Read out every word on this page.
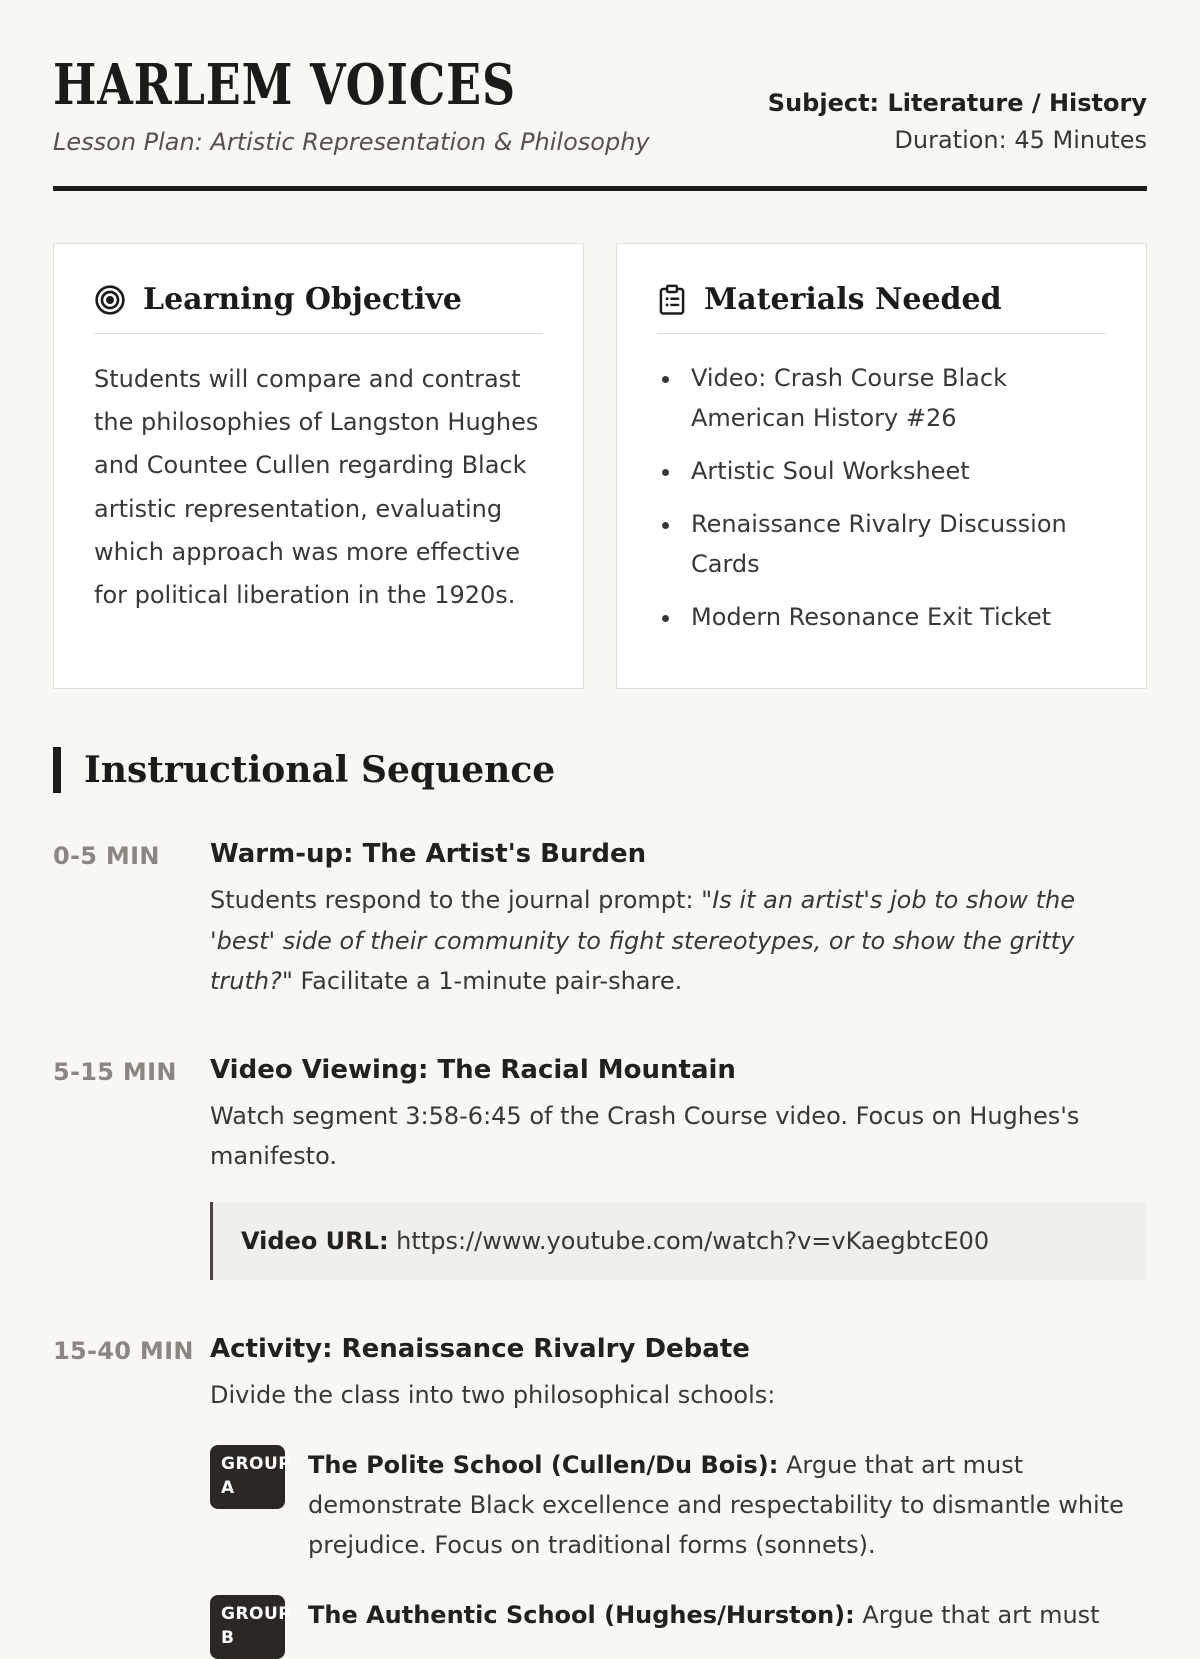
HARLEM VOICES
Lesson Plan: Artistic Representation & Philosophy
Subject: Literature / History
Duration: 45 Minutes
Learning Objective
Students will compare and contrast the philosophies of Langston Hughes and Countee Cullen regarding Black artistic representation, evaluating which approach was more effective for political liberation in the 1920s.
Materials Needed
• Video: Crash Course Black American History #26
• Artistic Soul Worksheet
• Renaissance Rivalry Discussion Cards
• Modern Resonance Exit Ticket
Instructional Sequence
0-5 MIN	Warm-up: The Artist's Burden
Students respond to the journal prompt: "Is it an artist's job to show the 'best' side of their community to fight stereotypes, or to show the gritty truth?" Facilitate a 1-minute pair-share.
5-15 MIN	Video Viewing: The Racial Mountain
Watch segment 3:58-6:45 of the Crash Course video. Focus on Hughes's manifesto.
Video URL: https://www.youtube.com/watch?v=vKaegbtcE00
15-40 MIN Activity: Renaissance Rivalry Debate
Divide the class into two philosophical schools:
GROUP A
The Polite School (Cullen/Du Bois): Argue that art must demonstrate Black excellence and respectability to dismantle white prejudice. Focus on traditional forms (sonnets).
GROUP B
The Authentic School (Hughes/Hurston): Argue that art must
